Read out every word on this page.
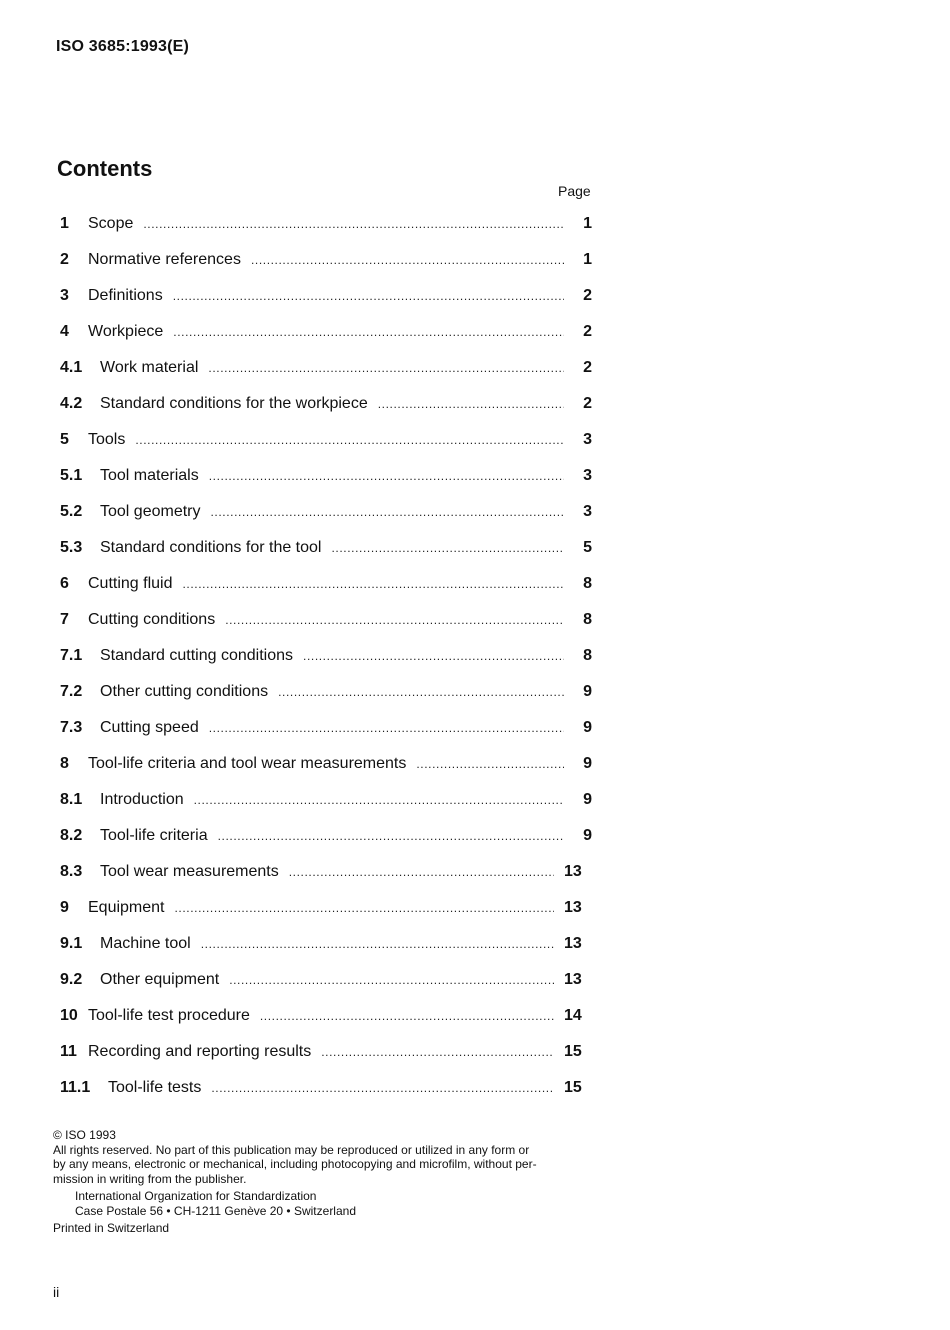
ISO 3685:1993(E)
Contents
Page
1	Scope .....	1
2	Normative references .....	1
3	Definitions .....	2
4	Workpiece .....	2
4.1	Work material .....	2
4.2	Standard conditions for the workpiece .....	2
5	Tools .....	3
5.1	Tool materials .....	3
5.2	Tool geometry .....	3
5.3	Standard conditions for the tool .....	5
6	Cutting fluid .....	8
7	Cutting conditions .....	8
7.1	Standard cutting conditions .....	8
7.2	Other cutting conditions .....	9
7.3	Cutting speed .....	9
8	Tool-life criteria and tool wear measurements .....	9
8.1	Introduction .....	9
8.2	Tool-life criteria .....	9
8.3	Tool wear measurements .....	13
9	Equipment .....	13
9.1	Machine tool .....	13
9.2	Other equipment .....	13
10 Tool-life test procedure .....	14
11 Recording and reporting results .....	15
11.1	Tool-life tests .....	15

© ISO 1993

All rights reserved. No part of this publication may be reproduced or utilized in any form or

by any means, electronic or mechanical, including photocopying and microfilm, without per-

mission in writing from the publisher.

International Organization for Standardization

Case Postale 56 • CH-1211 Genève 20 • Switzerland

Printed in Switzerland

ii
